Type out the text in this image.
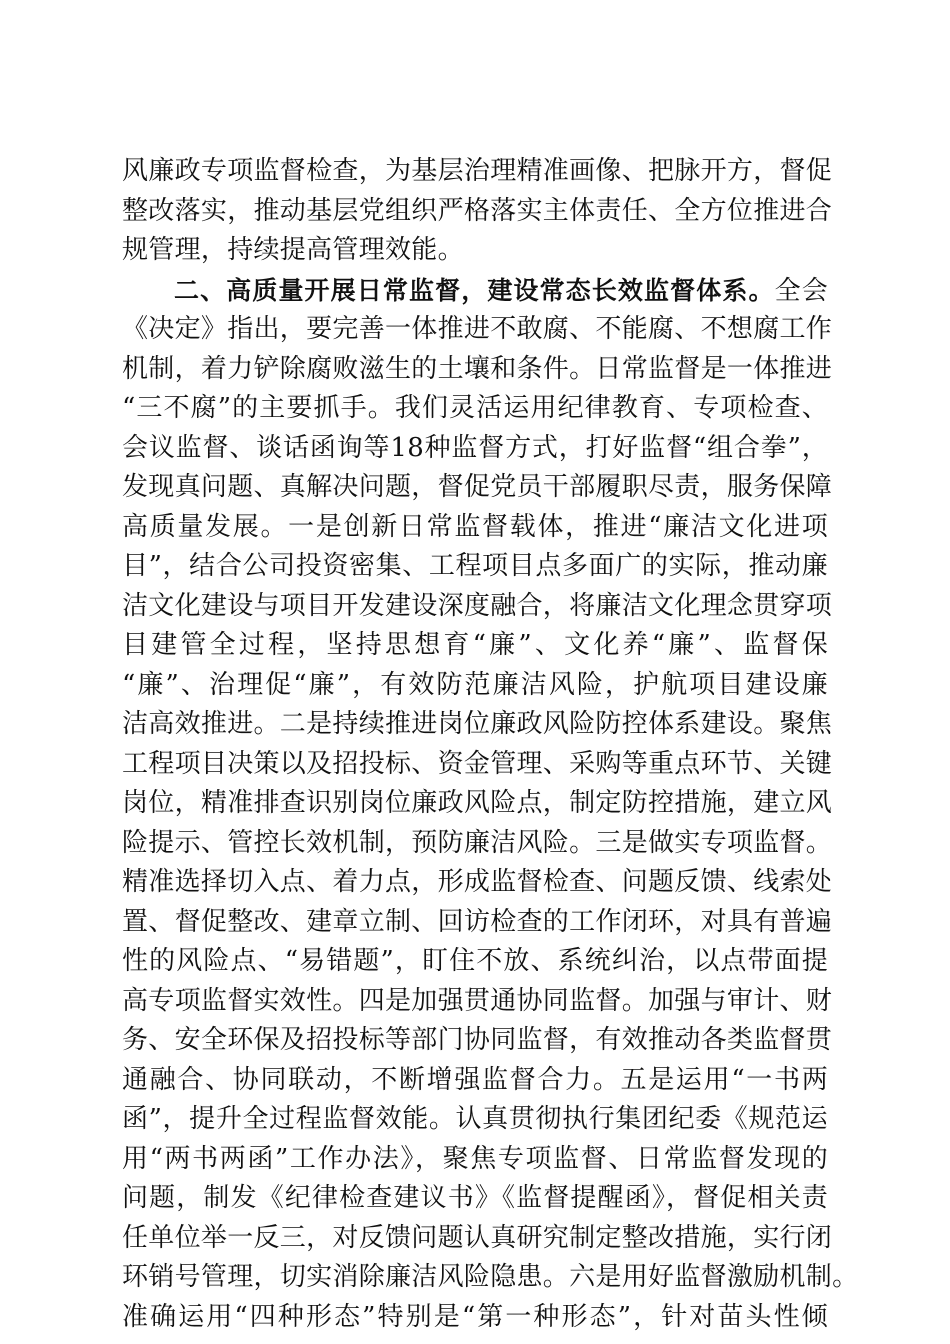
风廉政专项监督检查，为基层治理精准画像、把脉开方，督促
整改落实，推动基层党组织严格落实主体责任、全方位推进合
规管理，持续提高管理效能。
二、高质量开展日常监督，建设常态长效监督体系。全会
《决定》指出，要完善一体推进不敢腐、不能腐、不想腐工作
机制，着力铲除腐败滋生的土壤和条件。日常监督是一体推进
“三不腐”的主要抓手。我们灵活运用纪律教育、专项检查、
会议监督、谈话函询等18种监督方式，打好监督“组合拳”，
发现真问题、真解决问题，督促党员干部履职尽责，服务保障
高质量发展。一是创新日常监督载体，推进“廉洁文化进项
目”，结合公司投资密集、工程项目点多面广的实际，推动廉
洁文化建设与项目开发建设深度融合，将廉洁文化理念贯穿项
目建管全过程，坚持思想育“廉”、文化养“廉”、监督保
“廉”、治理促“廉”，有效防范廉洁风险，护航项目建设廉
洁高效推进。二是持续推进岗位廉政风险防控体系建设。聚焦
工程项目决策以及招投标、资金管理、采购等重点环节、关键
岗位，精准排查识别岗位廉政风险点，制定防控措施，建立风
险提示、管控长效机制，预防廉洁风险。三是做实专项监督。
精准选择切入点、着力点，形成监督检查、问题反馈、线索处
置、督促整改、建章立制、回访检查的工作闭环，对具有普遍
性的风险点、“易错题”，盯住不放、系统纠治，以点带面提
高专项监督实效性。四是加强贯通协同监督。加强与审计、财
务、安全环保及招投标等部门协同监督，有效推动各类监督贯
通融合、协同联动，不断增强监督合力。五是运用“一书两
函”，提升全过程监督效能。认真贯彻执行集团纪委《规范运
用“两书两函”工作办法》，聚焦专项监督、日常监督发现的
问题，制发《纪律检查建议书》《监督提醒函》，督促相关责
任单位举一反三，对反馈问题认真研究制定整改措施，实行闭
环销号管理，切实消除廉洁风险隐患。六是用好监督激励机制。
准确运用“四种形态”特别是“第一种形态”，针对苗头性倾
